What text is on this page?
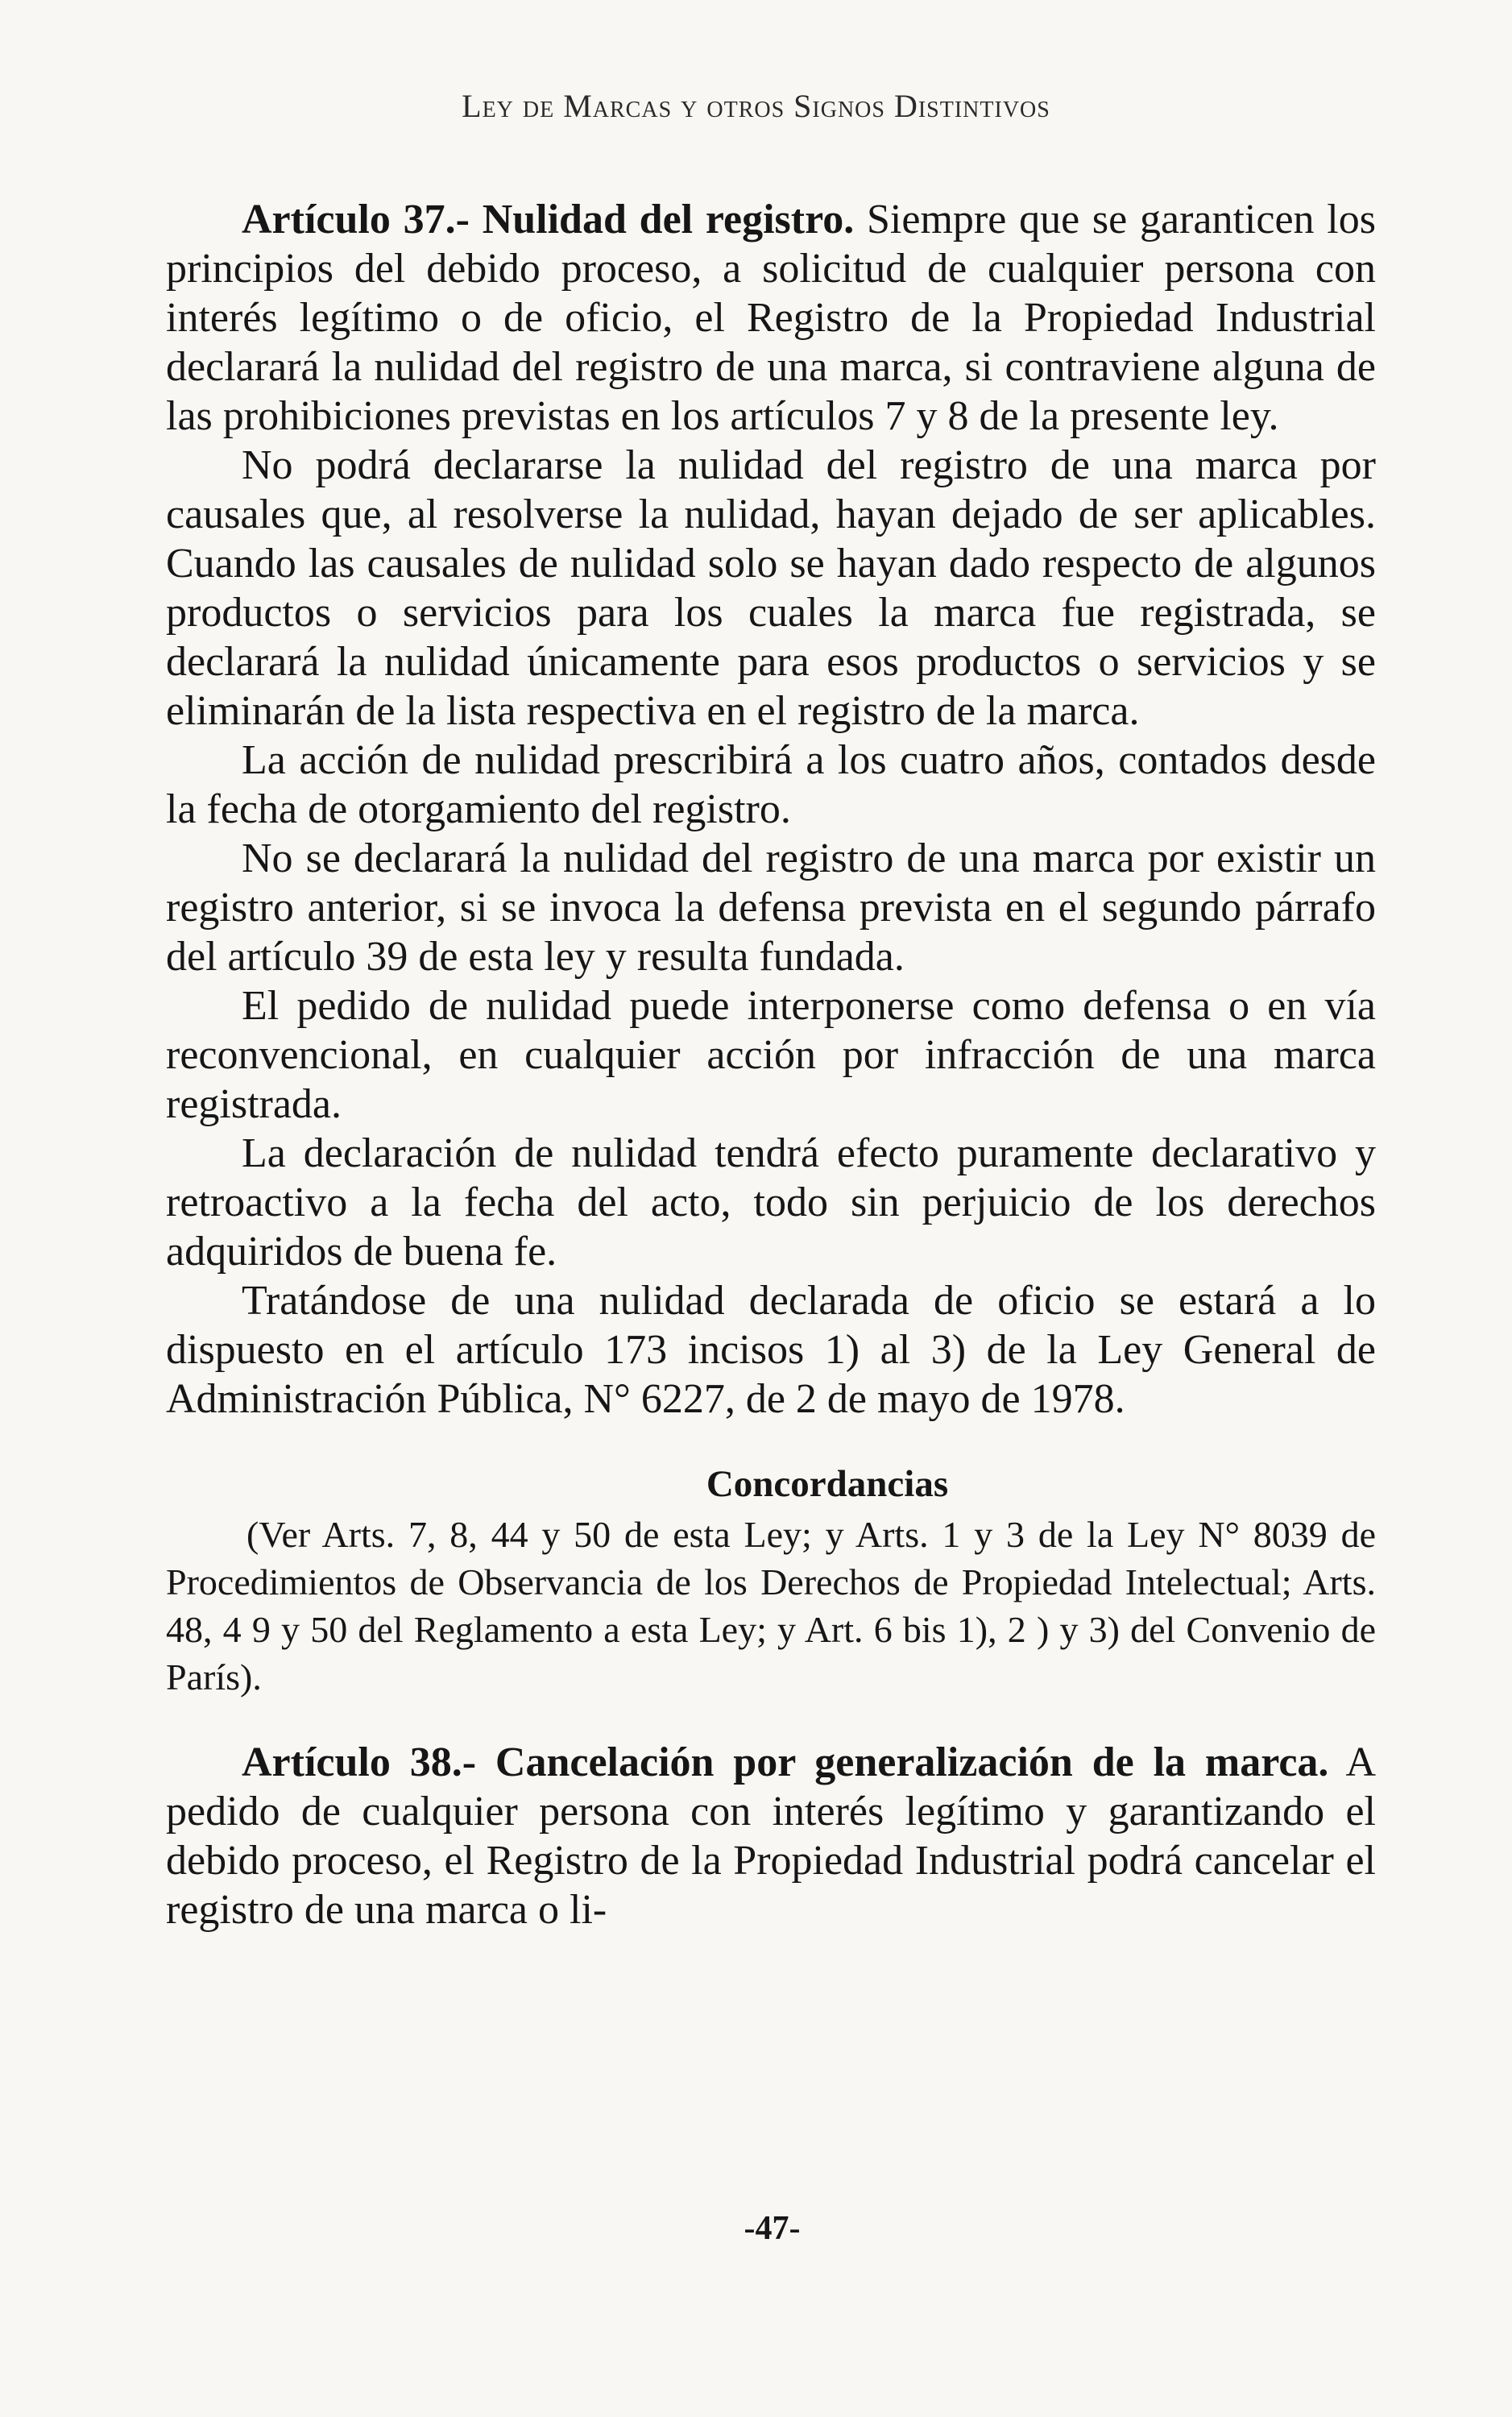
Ley de Marcas y otros Signos Distintivos

Artículo 37.- Nulidad del registro. Siempre que se garanticen los principios del debido proceso, a solicitud de cualquier persona con interés legítimo o de oficio, el Registro de la Propiedad Industrial declarará la nulidad del registro de una marca, si contraviene alguna de las prohibiciones previstas en los artículos 7 y 8 de la presente ley.

No podrá declararse la nulidad del registro de una marca por causales que, al resolverse la nulidad, hayan dejado de ser aplicables. Cuando las causales de nulidad solo se hayan dado respecto de algunos productos o servicios para los cuales la marca fue registrada, se declarará la nulidad únicamente para esos productos o servicios y se eliminarán de la lista respectiva en el registro de la marca.

La acción de nulidad prescribirá a los cuatro años, contados desde la fecha de otorgamiento del registro.

No se declarará la nulidad del registro de una marca por existir un registro anterior, si se invoca la defensa prevista en el segundo párrafo del artículo 39 de esta ley y resulta fundada.

El pedido de nulidad puede interponerse como defensa o en vía reconvencional, en cualquier acción por infracción de una marca registrada.

La declaración de nulidad tendrá efecto puramente declarativo y retroactivo a la fecha del acto, todo sin perjuicio de los derechos adquiridos de buena fe.

Tratándose de una nulidad declarada de oficio se estará a lo dispuesto en el artículo 173 incisos 1) al 3) de la Ley General de Administración Pública, N° 6227, de 2 de mayo de 1978.

Concordancias

(Ver Arts. 7, 8, 44 y 50 de esta Ley; y Arts. 1 y 3 de la Ley N° 8039 de Procedimientos de Observancia de los Derechos de Propiedad Intelectual; Arts. 48, 4 9 y 50 del Reglamento a esta Ley; y Art. 6 bis 1), 2 ) y 3) del Convenio de París).

Artículo 38.- Cancelación por generalización de la marca. A pedido de cualquier persona con interés legítimo y garantizando el debido proceso, el Registro de la Propiedad Industrial podrá cancelar el registro de una marca o li-

-47-
